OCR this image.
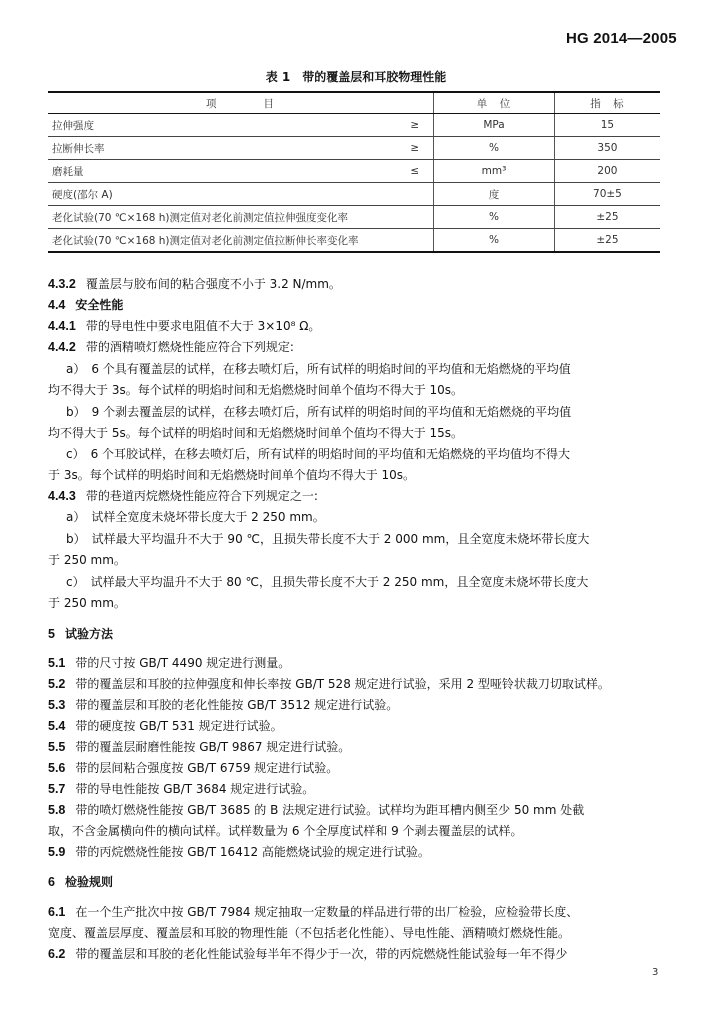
HG 2014—2005
表 1　带的覆盖层和耳胶物理性能
项　　　　目		单　位	指　标
拉伸强度	≥	MPa	15
拉断伸长率	≥	%	350
磨耗量	≤	mm³	200
硬度(邵尔 A)		度	70±5
老化试验(70 ℃×168 h)测定值对老化前测定值拉伸强度变化率		%	±25
老化试验(70 ℃×168 h)测定值对老化前测定值拉断伸长率变化率		%	±25
4.3.2 覆盖层与胶布间的粘合强度不小于 3.2 N/mm。
4.4 安全性能
4.4.1 带的导电性中要求电阻值不大于 3×10⁸ Ω。
4.4.2 带的酒精喷灯燃烧性能应符合下列规定:
a）　6 个具有覆盖层的试样，在移去喷灯后，所有试样的明焰时间的平均值和无焰燃烧的平均值
均不得大于 3s。每个试样的明焰时间和无焰燃烧时间单个值均不得大于 10s。
b）　9 个剥去覆盖层的试样，在移去喷灯后，所有试样的明焰时间的平均值和无焰燃烧的平均值
均不得大于 5s。每个试样的明焰时间和无焰燃烧时间单个值均不得大于 15s。
c）　6 个耳胶试样，在移去喷灯后，所有试样的明焰时间的平均值和无焰燃烧的平均值均不得大
于 3s。每个试样的明焰时间和无焰燃烧时间单个值均不得大于 10s。
4.4.3 带的巷道丙烷燃烧性能应符合下列规定之一:
a）　试样全宽度未烧坏带长度大于 2 250 mm。
b）　试样最大平均温升不大于 90 ℃，且损失带长度不大于 2 000 mm，且全宽度未烧坏带长度大
于 250 mm。
c）　试样最大平均温升不大于 80 ℃，且损失带长度不大于 2 250 mm，且全宽度未烧坏带长度大
于 250 mm。
5 试验方法
5.1 带的尺寸按 GB/T 4490 规定进行测量。
5.2 带的覆盖层和耳胶的拉伸强度和伸长率按 GB/T 528 规定进行试验，采用 2 型哑铃状裁刀切取试样。
5.3 带的覆盖层和耳胶的老化性能按 GB/T 3512 规定进行试验。
5.4 带的硬度按 GB/T 531 规定进行试验。
5.5 带的覆盖层耐磨性能按 GB/T 9867 规定进行试验。
5.6 带的层间粘合强度按 GB/T 6759 规定进行试验。
5.7 带的导电性能按 GB/T 3684 规定进行试验。
5.8 带的喷灯燃烧性能按 GB/T 3685 的 B 法规定进行试验。试样均为距耳槽内侧至少 50 mm 处截
取，不含金属横向件的横向试样。试样数量为 6 个全厚度试样和 9 个剥去覆盖层的试样。
5.9 带的丙烷燃烧性能按 GB/T 16412 高能燃烧试验的规定进行试验。
6 检验规则
6.1 在一个生产批次中按 GB/T 7984 规定抽取一定数量的样品进行带的出厂检验，应检验带长度、
宽度、覆盖层厚度、覆盖层和耳胶的物理性能（不包括老化性能）、导电性能、酒精喷灯燃烧性能。
6.2 带的覆盖层和耳胶的老化性能试验每半年不得少于一次，带的丙烷燃烧性能试验每一年不得少
3
